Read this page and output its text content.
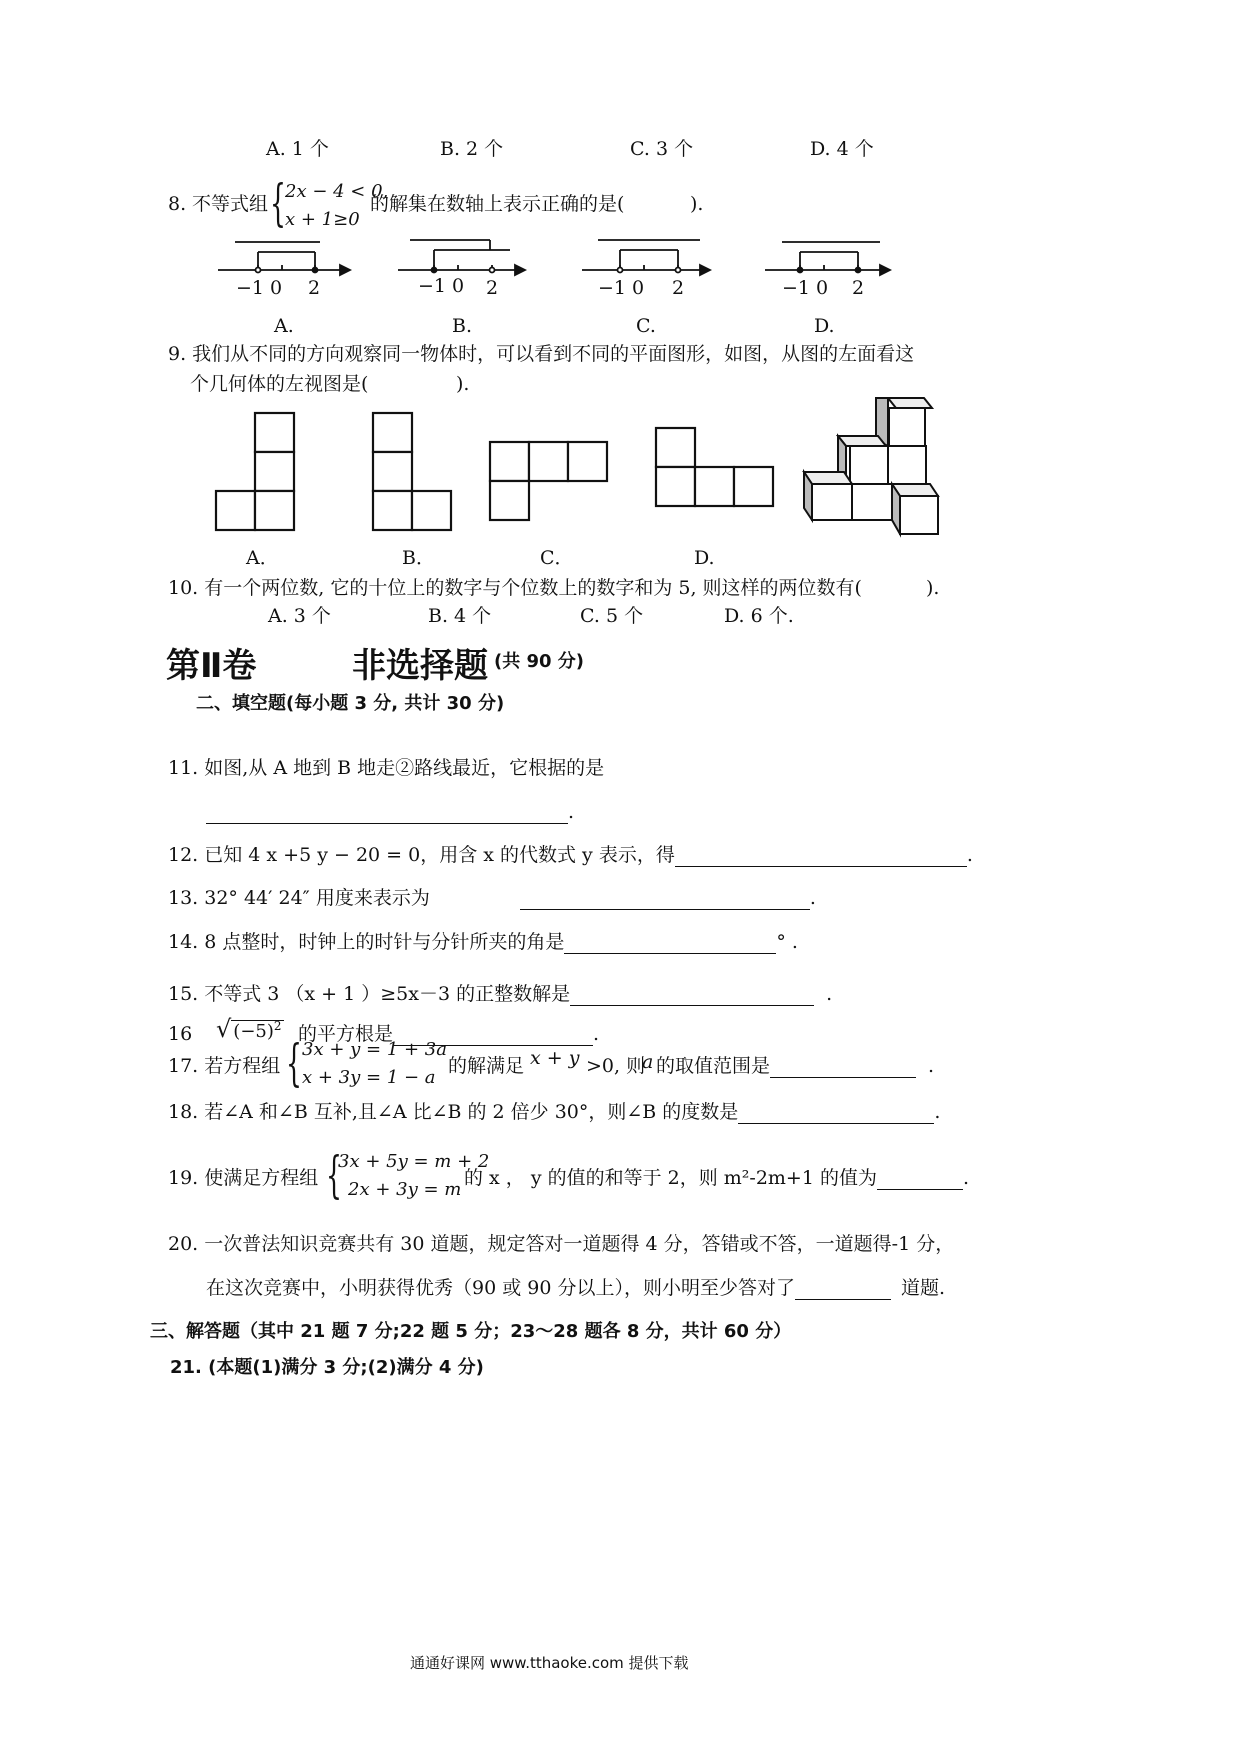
A. 1 个	B. 2 个	C. 3 个	D. 4 个
8. 不等式组 { 2x − 4 < 0,
x + 1≥0
的解集在数轴上表示正确的是(	).
−1 0 2	−1 0 2	−1 0 2	−1 0 2
A.	B.	C.	D.
9. 我们从不同的方向观察同一物体时，可以看到不同的平面图形，如图，从图的左面看这
个几何体的左视图是(	).
A．	B．	C．	D.
10. 有一个两位数, 它的十位上的数字与个位数上的数字和为 5, 则这样的两位数有(	).
A. 3 个	B. 4 个	C. 5 个	D. 6 个.
第Ⅱ卷	非选择题 (共 90 分)
二、填空题(每小题 3 分, 共计 30 分)
11. 如图,从 A 地到 B 地走②路线最近，它根据的是
.
12. 已知 4 x +5 y − 20 = 0，用含 x 的代数式 y 表示，得	.
13. 32° 44′ 24″ 用度来表示为	.
14. 8 点整时，时钟上的时针与分针所夹的角是	° .
15. 不等式 3 （x + 1 ）≥5x－3 的正整数解是	.
16 √ $(-5)^2$ 的平方根是	.
17. 若方程组 { 3x + y = 1 + 3a
x + 3y = 1 − a
的解满足 x + y >0, 则
a 的取值范围是	.
18. 若∠A 和∠B 互补,且∠A 比∠B 的 2 倍少 30°，则∠B 的度数是	.
19. 使满足方程组 {
3x + 5y = m + 2
2x + 3y = m
的 x ， y 的值的和等于 2，则 m²-2m+1 的值为	.
20. 一次普法知识竞赛共有 30 道题，规定答对一道题得 4 分，答错或不答，一道题得-1 分，
在这次竞赛中，小明获得优秀（90 或 90 分以上），则小明至少答对了	道题.
三、解答题（其中 21 题 7 分;22 题 5 分；23～28 题各 8 分，共计 60 分）
21. (本题(1)满分 3 分;(2)满分 4 分)
通通好课网 www.tthaoke.com 提供下载
